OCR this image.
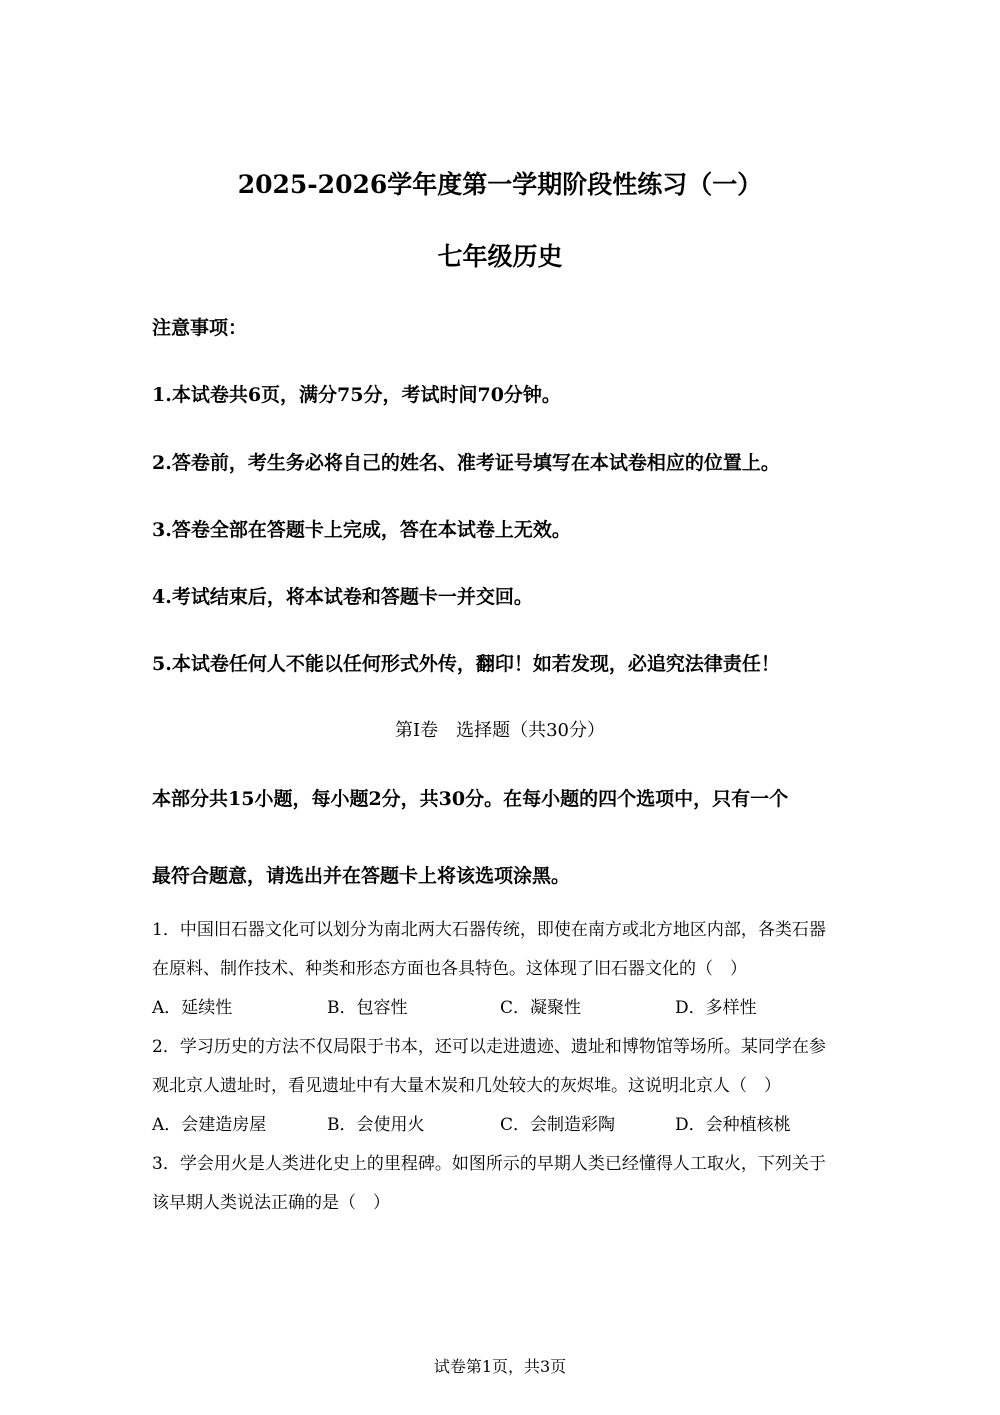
2025-2026学年度第一学期阶段性练习（一）
七年级历史
注意事项：
1.本试卷共6页，满分75分，考试时间70分钟。
2.答卷前，考生务必将自己的姓名、准考证号填写在本试卷相应的位置上。
3.答卷全部在答题卡上完成，答在本试卷上无效。
4.考试结束后，将本试卷和答题卡一并交回。
5.本试卷任何人不能以任何形式外传，翻印！如若发现，必追究法律责任！
第Ⅰ卷　选择题（共30分）
本部分共15小题，每小题2分，共30分。在每小题的四个选项中，只有一个
最符合题意，请选出并在答题卡上将该选项涂黑。
1．中国旧石器文化可以划分为南北两大石器传统，即使在南方或北方地区内部，各类石器
在原料、制作技术、种类和形态方面也各具特色。这体现了旧石器文化的（　）
A．延续性	B．包容性	C．凝聚性	D．多样性
2．学习历史的方法不仅局限于书本，还可以走进遗迹、遗址和博物馆等场所。某同学在参
观北京人遗址时，看见遗址中有大量木炭和几处较大的灰烬堆。这说明北京人（　）
A．会建造房屋	B．会使用火	C．会制造彩陶	D．会种植核桃
3．学会用火是人类进化史上的里程碑。如图所示的早期人类已经懂得人工取火，下列关于
该早期人类说法正确的是（　）
试卷第1页，共3页
